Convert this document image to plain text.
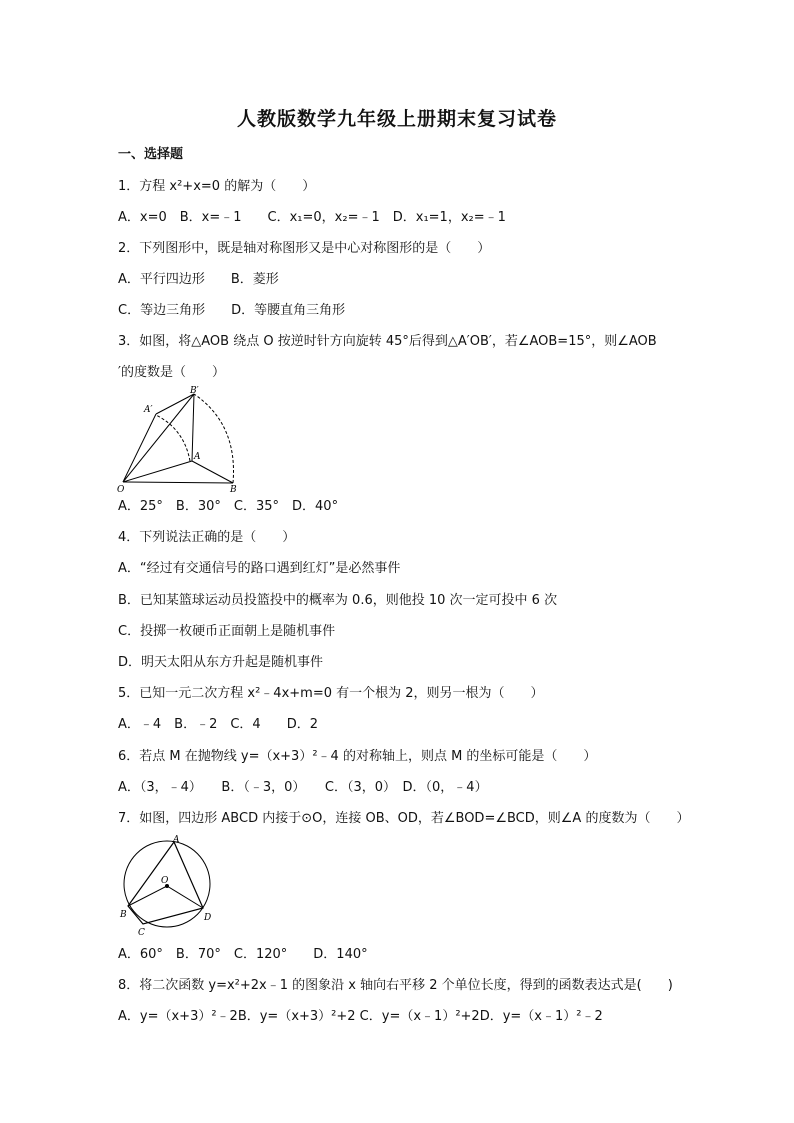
人教版数学九年级上册期末复习试卷
一、选择题
1．方程 x²+x=0 的解为（　　）
A．x=0　B．x=﹣1　　C．x₁=0，x₂=﹣1　D．x₁=1，x₂=﹣1
2．下列图形中，既是轴对称图形又是中心对称图形的是（　　）
A．平行四边形　　B．菱形
C．等边三角形　　D．等腰直角三角形
3．如图，将△AOB 绕点 O 按逆时针方向旋转 45°后得到△A′OB′，若∠AOB=15°，则∠AOB
′的度数是（　　）
A′
B′
A
O	B
A．25°　B．30°　C．35°　D．40°
4．下列说法正确的是（　　）
A．“经过有交通信号的路口遇到红灯”是必然事件
B．已知某篮球运动员投篮投中的概率为 0.6，则他投 10 次一定可投中 6 次
C．投掷一枚硬币正面朝上是随机事件
D．明天太阳从东方升起是随机事件
5．已知一元二次方程 x²﹣4x+m=0 有一个根为 2，则另一根为（　　）
A．﹣4　B．﹣2　C．4　　D．2
6．若点 M 在抛物线 y=（x+3）²﹣4 的对称轴上，则点 M 的坐标可能是（　　）
A．（3，﹣4）　　B．（﹣3，0）　　C．（3，0）　D．（0，﹣4）
7．如图，四边形 ABCD 内接于⊙O，连接 OB、OD，若∠BOD=∠BCD，则∠A 的度数为（　　）
A
O
B
C
D
A．60°　B．70°　C．120°　　D．140°
8．将二次函数 y=x²+2x﹣1 的图象沿 x 轴向右平移 2 个单位长度，得到的函数表达式是(　　)
A．y=（x+3）²﹣2B．y=（x+3）²+2 C．y=（x﹣1）²+2D．y=（x﹣1）²﹣2
